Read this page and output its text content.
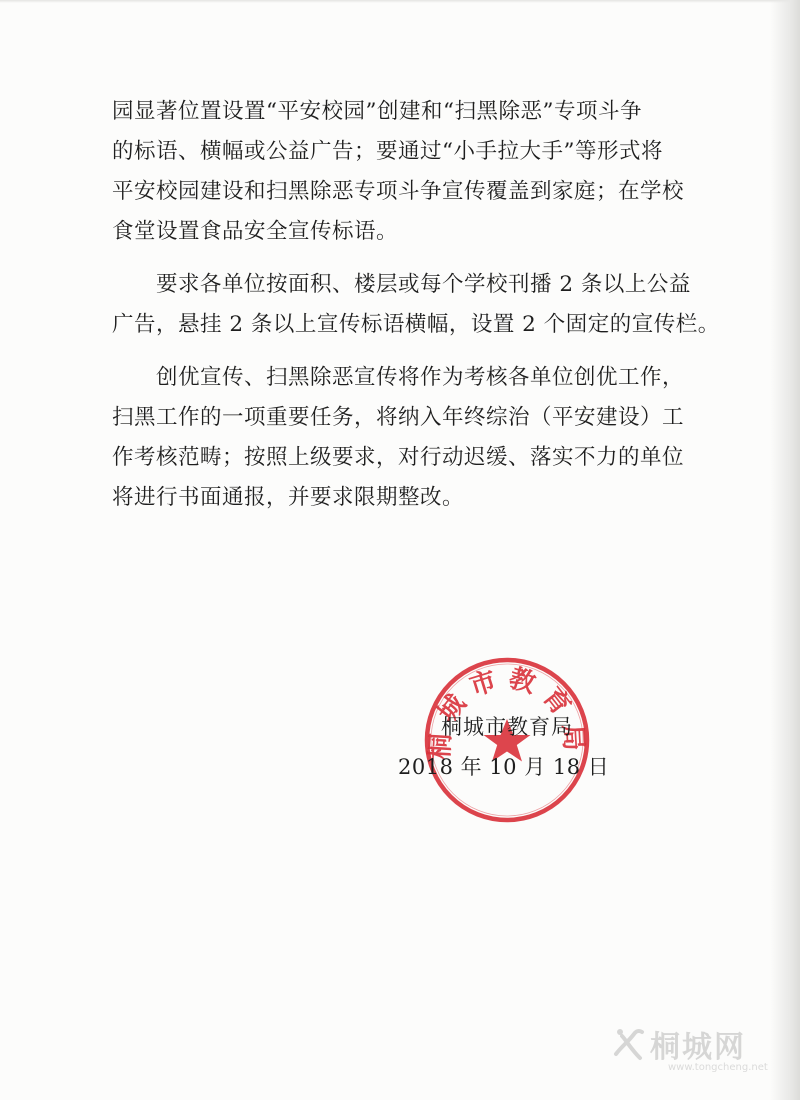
园显著位置设置“平安校园”创建和“扫黑除恶”专项斗争
的标语、横幅或公益广告；要通过“小手拉大手”等形式将
平安校园建设和扫黑除恶专项斗争宣传覆盖到家庭；在学校
食堂设置食品安全宣传标语。
要求各单位按面积、楼层或每个学校刊播 2 条以上公益
广告，悬挂 2 条以上宣传标语横幅，设置 2 个固定的宣传栏。
创优宣传、扫黑除恶宣传将作为考核各单位创优工作，
扫黑工作的一项重要任务，将纳入年终综治（平安建设）工
作考核范畴；按照上级要求，对行动迟缓、落实不力的单位
将进行书面通报，并要求限期整改。
桐城市教育局
桐城市教育局
2018 年 10 月 18 日
桐城网
www.tongcheng.net
